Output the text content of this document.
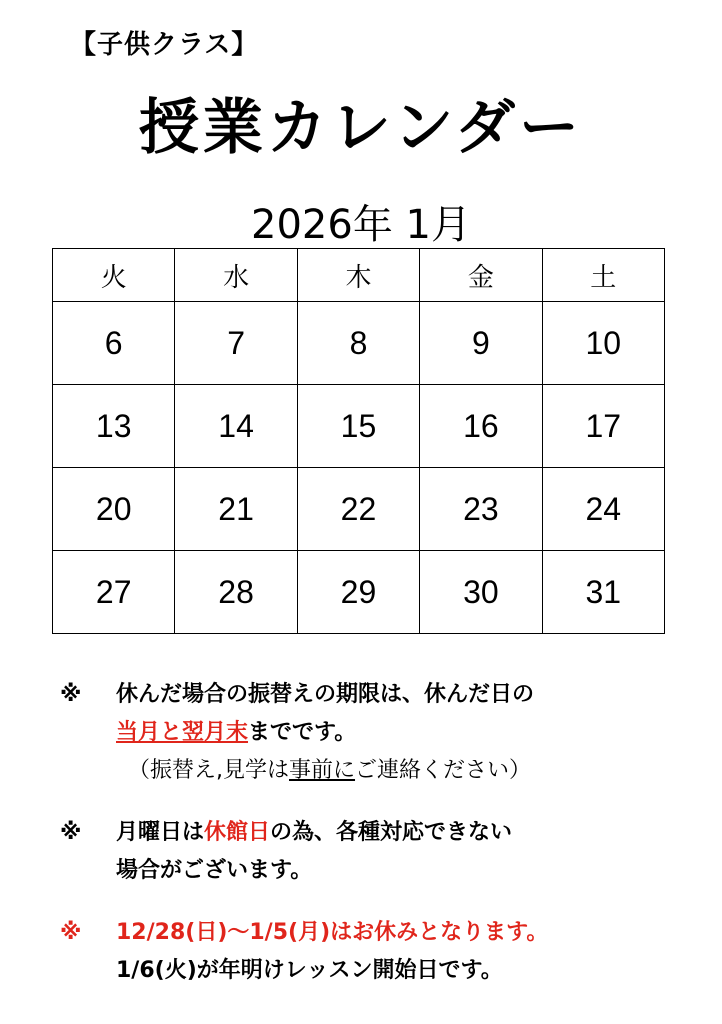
【子供クラス】
授業カレンダー
2026年 1月
火	水	木	金	土
6	7	8	9	10
13	14	15	16	17
20	21	22	23	24
27	28	29	30	31
※ 休んだ場合の振替えの期限は、休んだ日の
当月と翌月末までです。
（振替え,見学は事前にご連絡ください）
※ 月曜日は休館日の為、各種対応できない
場合がございます。
※ 12/28(日)～1/5(月)はお休みとなります。
1/6(火)が年明けレッスン開始日です。
